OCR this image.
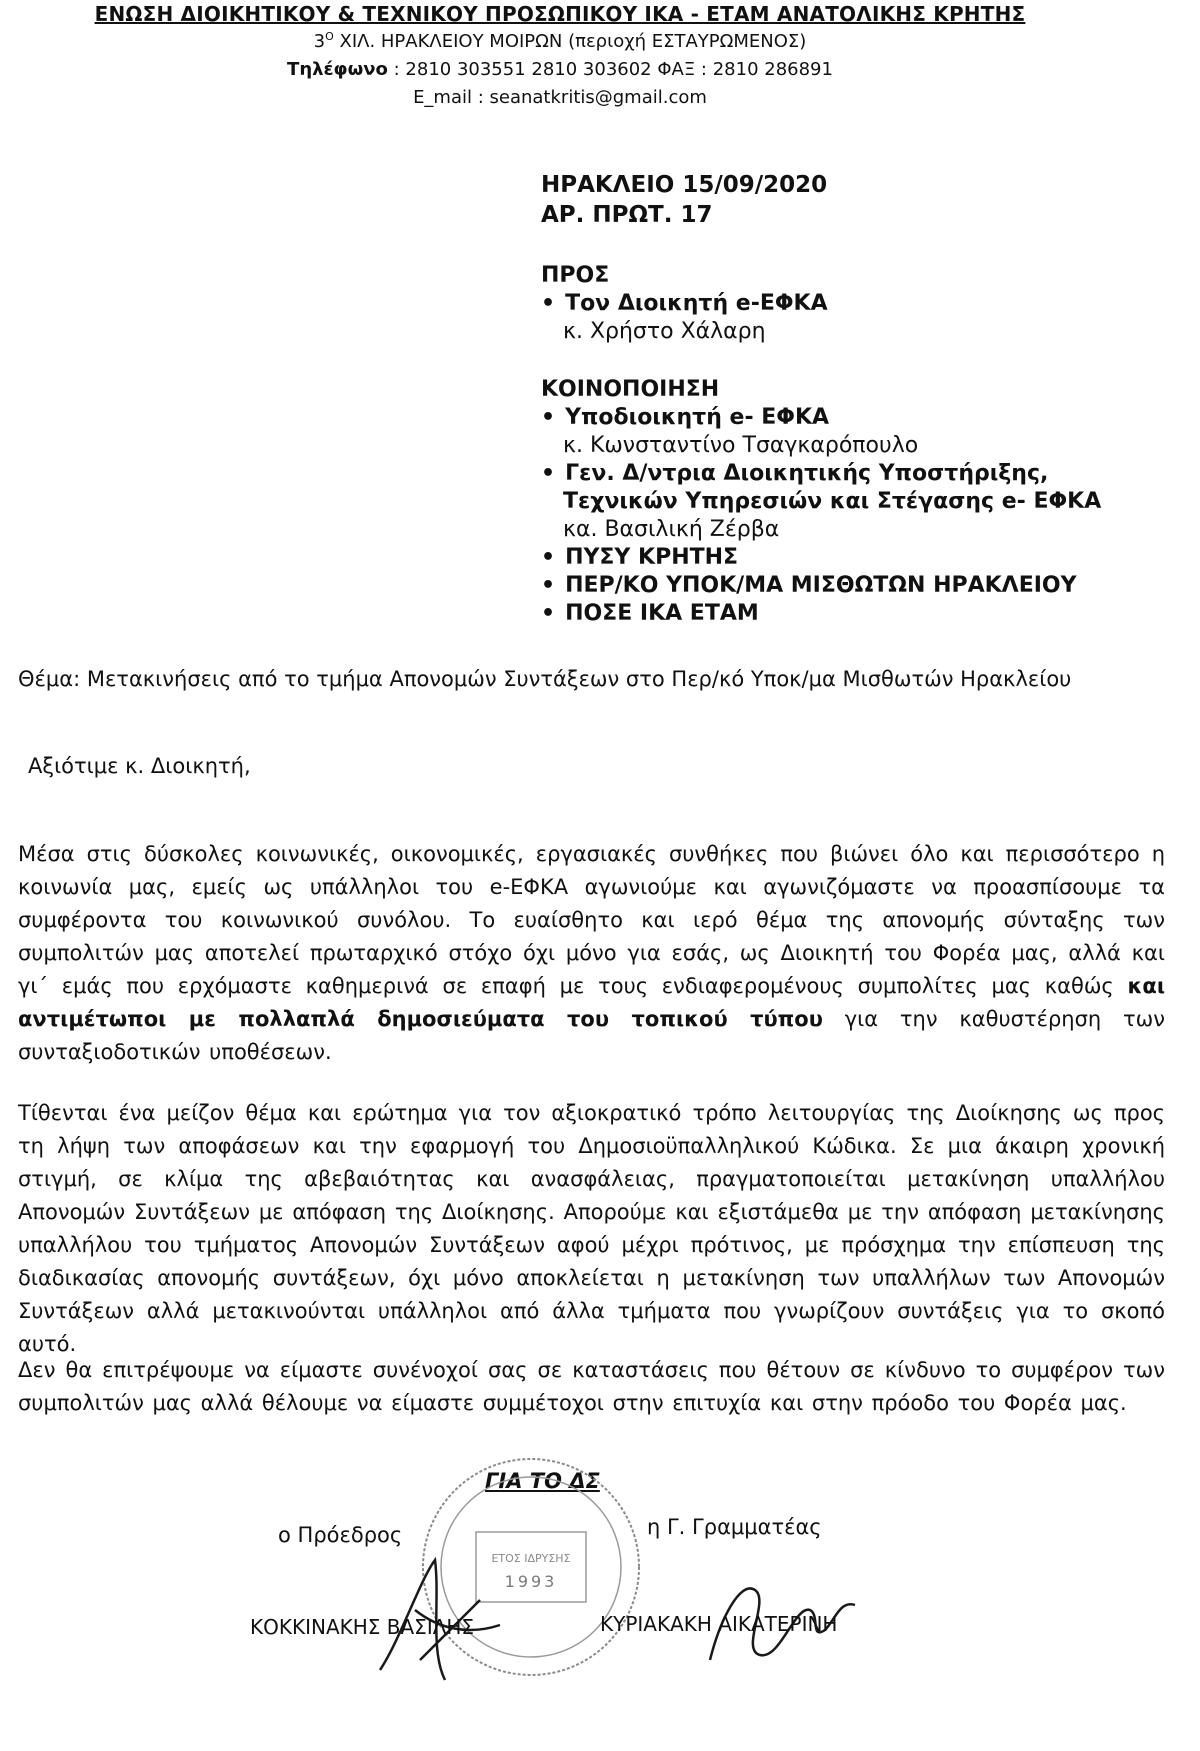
ΕΝΩΣΗ ΔΙΟΙΚΗΤΙΚΟΥ & ΤΕΧΝΙΚΟΥ ΠΡΟΣΩΠΙΚΟΥ ΙΚΑ - ΕΤΑΜ ΑΝΑΤΟΛΙΚΗΣ ΚΡΗΤΗΣ
$3^O$ ΧΙΛ. ΗΡΑΚΛΕΙΟΥ ΜΟΙΡΩΝ (περιοχή ΕΣΤΑΥΡΩΜΕΝΟΣ)
Τηλέφωνο : 2810 303551 2810 303602 ΦΑΞ : 2810 286891
E_mail : seanatkritis@gmail.com
ΗΡΑΚΛΕΙΟ 15/09/2020
ΑΡ. ΠΡΩΤ. 17
ΠΡΟΣ
• Τον Διοικητή e-ΕΦΚΑ
κ. Χρήστο Χάλαρη
ΚΟΙΝΟΠΟΙΗΣΗ
• Υποδιοικητή e- ΕΦΚΑ
κ. Κωνσταντίνο Τσαγκαρόπουλο
• Γεν. Δ/ντρια Διοικητικής Υποστήριξης,
Τεχνικών Υπηρεσιών και Στέγασης e- ΕΦΚΑ
κα. Βασιλική Ζέρβα
• ΠΥΣΥ ΚΡΗΤΗΣ
• ΠΕΡ/ΚΟ ΥΠΟΚ/ΜΑ ΜΙΣΘΩΤΩΝ ΗΡΑΚΛΕΙΟΥ
• ΠΟΣΕ ΙΚΑ ΕΤΑΜ
Θέμα: Μετακινήσεις από το τμήμα Απονομών Συντάξεων στο Περ/κό Υποκ/μα Μισθωτών Ηρακλείου
Αξιότιμε κ. Διοικητή,
Μέσα στις δύσκολες κοινωνικές, οικονομικές, εργασιακές συνθήκες που βιώνει όλο και περισσότερο η κοινωνία μας, εμείς ως υπάλληλοι του e-ΕΦΚΑ αγωνιούμε και αγωνιζόμαστε να προασπίσουμε τα συμφέροντα του κοινωνικού συνόλου. Το ευαίσθητο και ιερό θέμα της απονομής σύνταξης των συμπολιτών μας αποτελεί πρωταρχικό στόχο όχι μόνο για εσάς, ως Διοικητή του Φορέα μας, αλλά και γι΄ εμάς που ερχόμαστε καθημερινά σε επαφή με τους ενδιαφερομένους συμπολίτες μας καθώς και αντιμέτωποι με πολλαπλά δημοσιεύματα του τοπικού τύπου για την καθυστέρηση των συνταξιοδοτικών υποθέσεων.
Τίθενται ένα μείζον θέμα και ερώτημα για τον αξιοκρατικό τρόπο λειτουργίας της Διοίκησης ως προς τη λήψη των αποφάσεων και την εφαρμογή του Δημοσιοϋπαλληλικού Κώδικα. Σε μια άκαιρη χρονική στιγμή, σε κλίμα της αβεβαιότητας και ανασφάλειας, πραγματοποιείται μετακίνηση υπαλλήλου Απονομών Συντάξεων με απόφαση της Διοίκησης. Απορούμε και εξιστάμεθα με την απόφαση μετακίνησης υπαλλήλου του τμήματος Απονομών Συντάξεων αφού μέχρι πρότινος, με πρόσχημα την επίσπευση της διαδικασίας απονομής συντάξεων, όχι μόνο αποκλείεται η μετακίνηση των υπαλλήλων των Απονομών Συντάξεων αλλά μετακινούνται υπάλληλοι από άλλα τμήματα που γνωρίζουν συντάξεις για το σκοπό αυτό.
Δεν θα επιτρέψουμε να είμαστε συνένοχοί σας σε καταστάσεις που θέτουν σε κίνδυνο το συμφέρον των συμπολιτών μας αλλά θέλουμε να είμαστε συμμέτοχοι στην επιτυχία και στην πρόοδο του Φορέα μας.
ΓΙΑ ΤΟ ΔΣ
ο Πρόεδρος	η Γ. Γραμματέας
ΕΤΟΣ ΙΔΡΥΣΗΣ
1993
ΚΟΚΚΙΝΑΚΗΣ ΒΑΣΙΛΗΣ	ΚΥΡΙΑΚΑΚΗ ΑΙΚΑΤΕΡΙΝΗ
